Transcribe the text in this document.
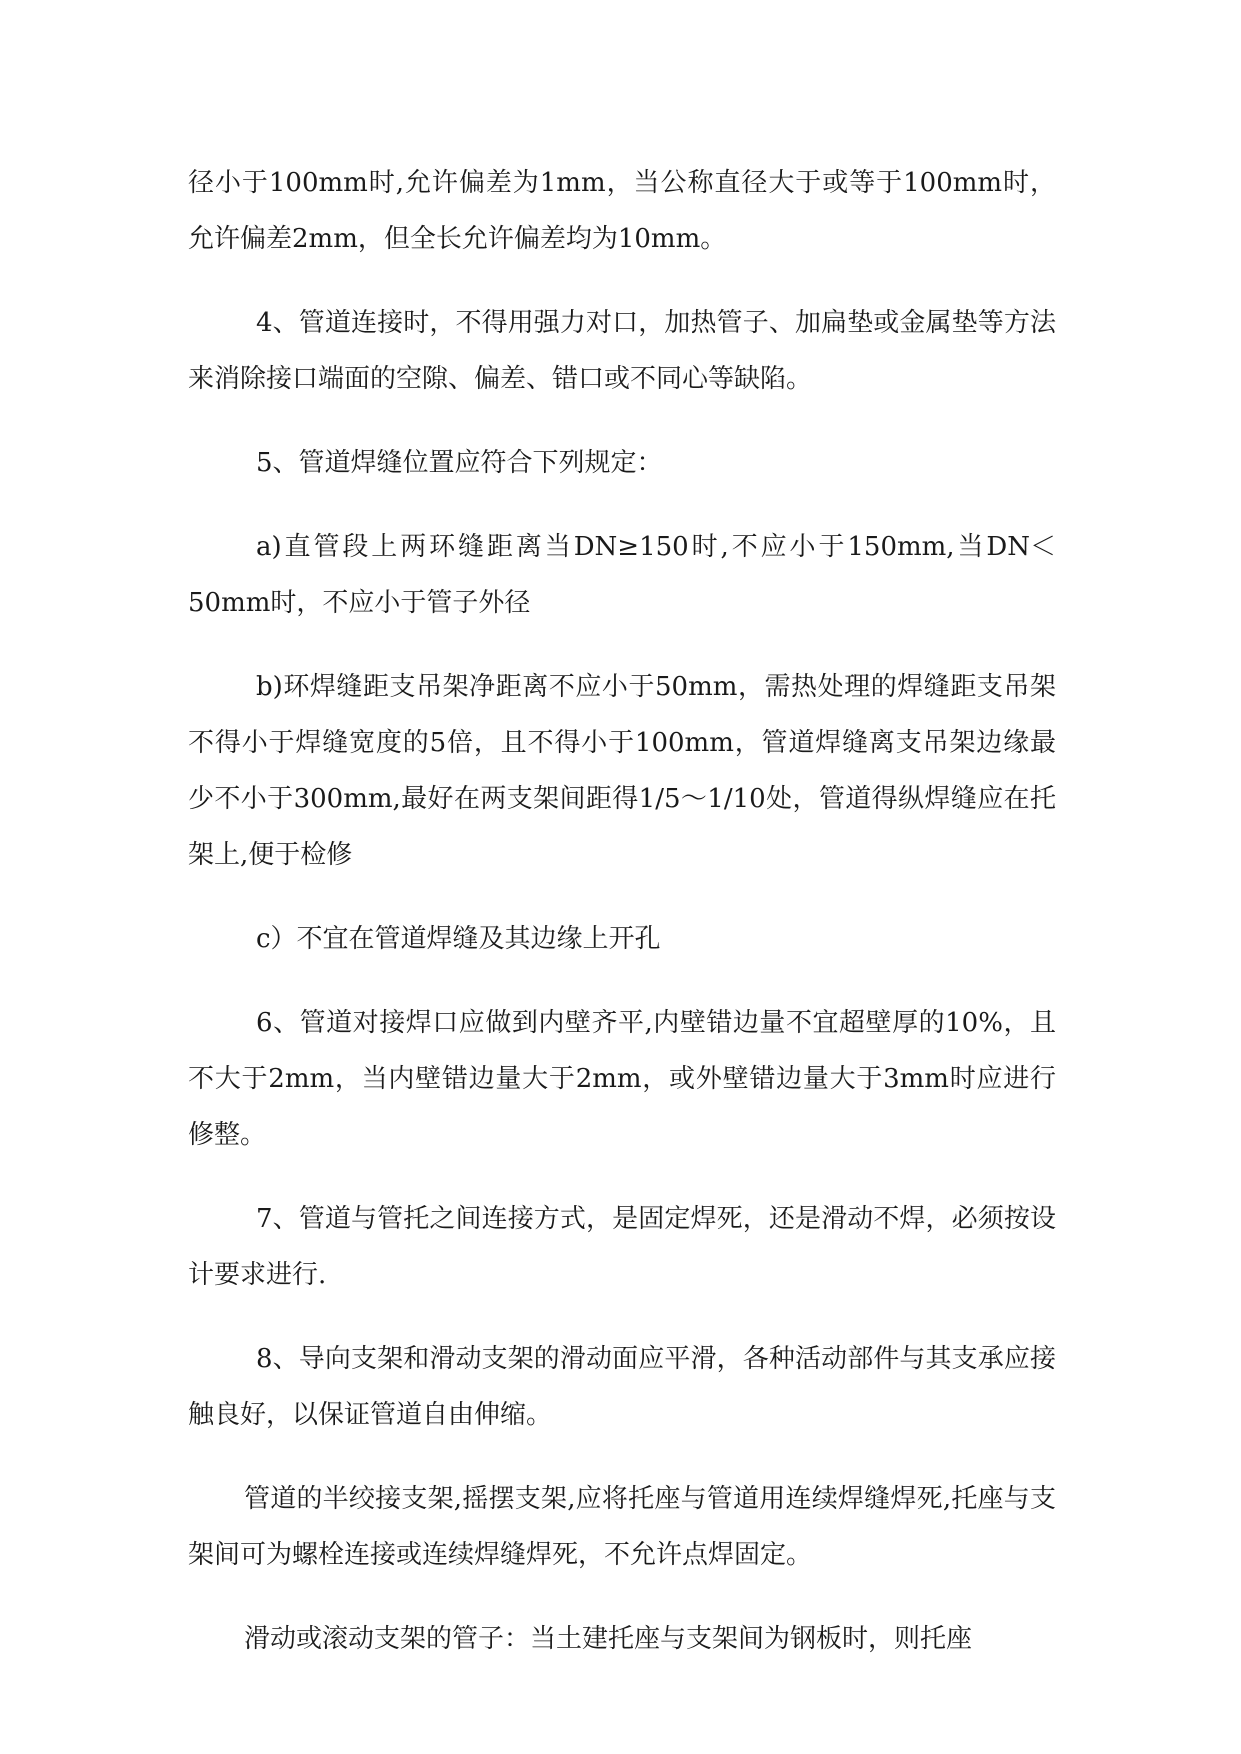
径小于100mm时,允许偏差为1mm，当公称直径大于或等于100mm时，允许偏差2mm，但全长允许偏差均为10mm。

4、管道连接时，不得用强力对口，加热管子、加扁垫或金属垫等方法来消除接口端面的空隙、偏差、错口或不同心等缺陷。

5、管道焊缝位置应符合下列规定：

a)直管段上两环缝距离当DN≥150时,不应小于150mm,当DN＜50mm时，不应小于管子外径

b)环焊缝距支吊架净距离不应小于50mm，需热处理的焊缝距支吊架不得小于焊缝宽度的5倍，且不得小于100mm，管道焊缝离支吊架边缘最少不小于300mm,最好在两支架间距得1/5～1/10处，管道得纵焊缝应在托架上,便于检修

c）不宜在管道焊缝及其边缘上开孔

6、管道对接焊口应做到内壁齐平,内壁错边量不宜超壁厚的10%，且不大于2mm，当内壁错边量大于2mm，或外壁错边量大于3mm时应进行修整。

7、管道与管托之间连接方式，是固定焊死，还是滑动不焊，必须按设计要求进行.

8、导向支架和滑动支架的滑动面应平滑，各种活动部件与其支承应接触良好，以保证管道自由伸缩。

管道的半绞接支架,摇摆支架,应将托座与管道用连续焊缝焊死,托座与支架间可为螺栓连接或连续焊缝焊死，不允许点焊固定。

滑动或滚动支架的管子：当土建托座与支架间为钢板时，则托座
